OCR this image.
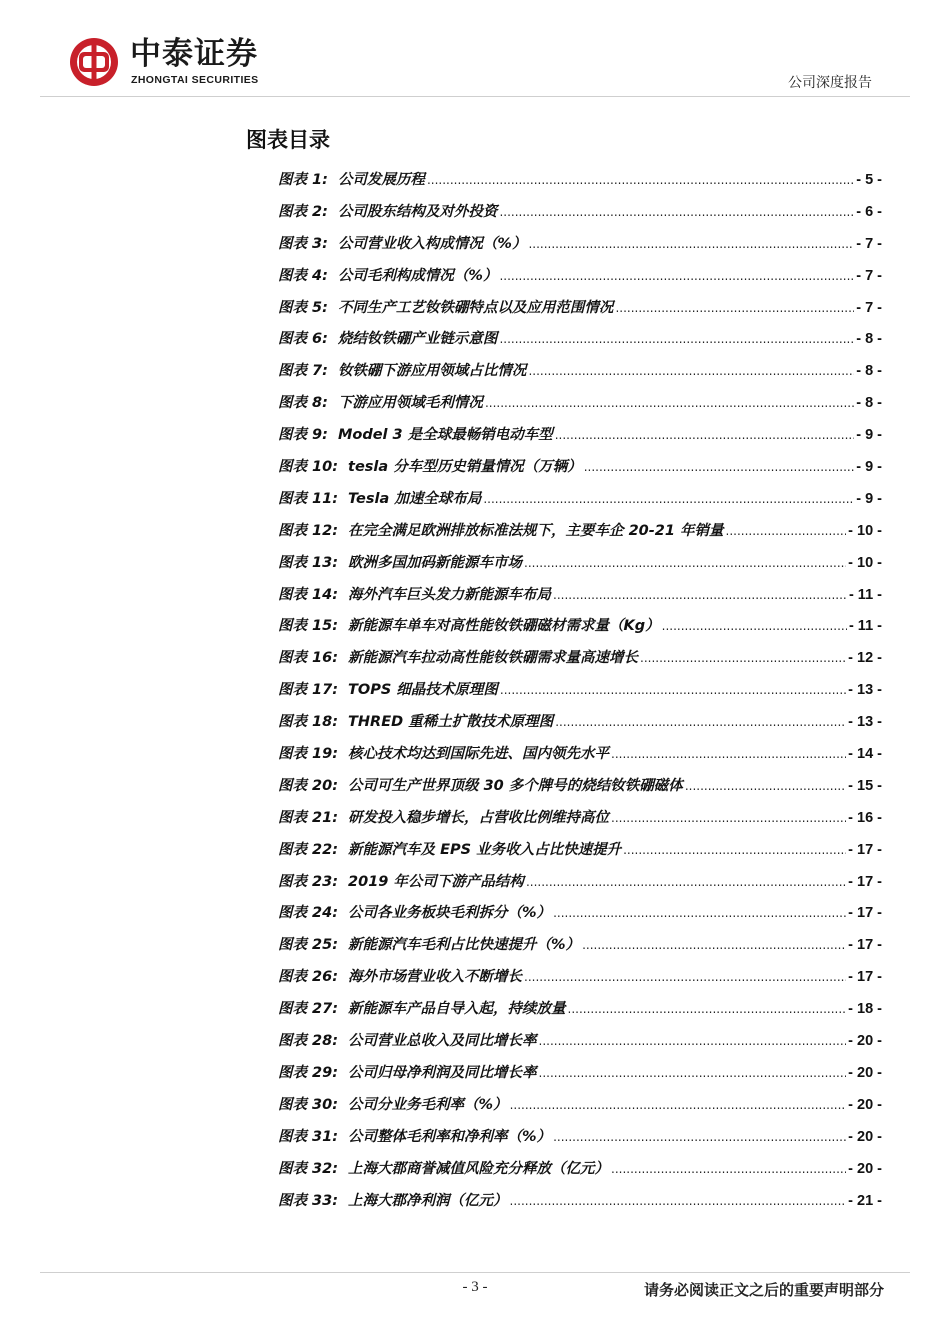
中泰证券
ZHONGTAI SECURITIES	公司深度报告
图表目录
图表 1: 公司发展历程 .....	- 5 -
图表 2: 公司股东结构及对外投资 .....	- 6 -
图表 3: 公司营业收入构成情况（%） .....	- 7 -
图表 4: 公司毛利构成情况（%） .....	- 7 -
图表 5: 不同生产工艺钕铁硼特点以及应用范围情况 .....	- 7 -
图表 6: 烧结钕铁硼产业链示意图 .....	- 8 -
图表 7: 钕铁硼下游应用领域占比情况 .....	- 8 -
图表 8: 下游应用领域毛利情况 .....	- 8 -
图表 9: Model 3 是全球最畅销电动车型 .....	- 9 -
图表 10: tesla 分车型历史销量情况（万辆） .....	- 9 -
图表 11: Tesla 加速全球布局 .....	- 9 -
图表 12: 在完全满足欧洲排放标准法规下，主要车企 20-21 年销量 .....	- 10 -
图表 13: 欧洲多国加码新能源车市场 .....	- 10 -
图表 14: 海外汽车巨头发力新能源车布局 .....	- 11 -
图表 15: 新能源车单车对高性能钕铁硼磁材需求量（Kg） .....	- 11 -
图表 16: 新能源汽车拉动高性能钕铁硼需求量高速增长 .....	- 12 -
图表 17: TOPS 细晶技术原理图 .....	- 13 -
图表 18: THRED 重稀土扩散技术原理图 .....	- 13 -
图表 19: 核心技术均达到国际先进、国内领先水平 .....	- 14 -
图表 20: 公司可生产世界顶级 30 多个牌号的烧结钕铁硼磁体 .....	- 15 -
图表 21: 研发投入稳步增长，占营收比例维持高位 .....	- 16 -
图表 22: 新能源汽车及 EPS 业务收入占比快速提升 .....	- 17 -
图表 23: 2019 年公司下游产品结构 .....	- 17 -
图表 24: 公司各业务板块毛利拆分（%） .....	- 17 -
图表 25: 新能源汽车毛利占比快速提升（%） .....	- 17 -
图表 26: 海外市场营业收入不断增长 .....	- 17 -
图表 27: 新能源车产品自导入起，持续放量 .....	- 18 -
图表 28: 公司营业总收入及同比增长率 .....	- 20 -
图表 29: 公司归母净利润及同比增长率 .....	- 20 -
图表 30: 公司分业务毛利率（%） .....	- 20 -
图表 31: 公司整体毛利率和净利率（%） .....	- 20 -
图表 32: 上海大郡商誉减值风险充分释放（亿元） .....	- 20 -
图表 33: 上海大郡净利润（亿元） .....	- 21 -
- 3 -	请务必阅读正文之后的重要声明部分
